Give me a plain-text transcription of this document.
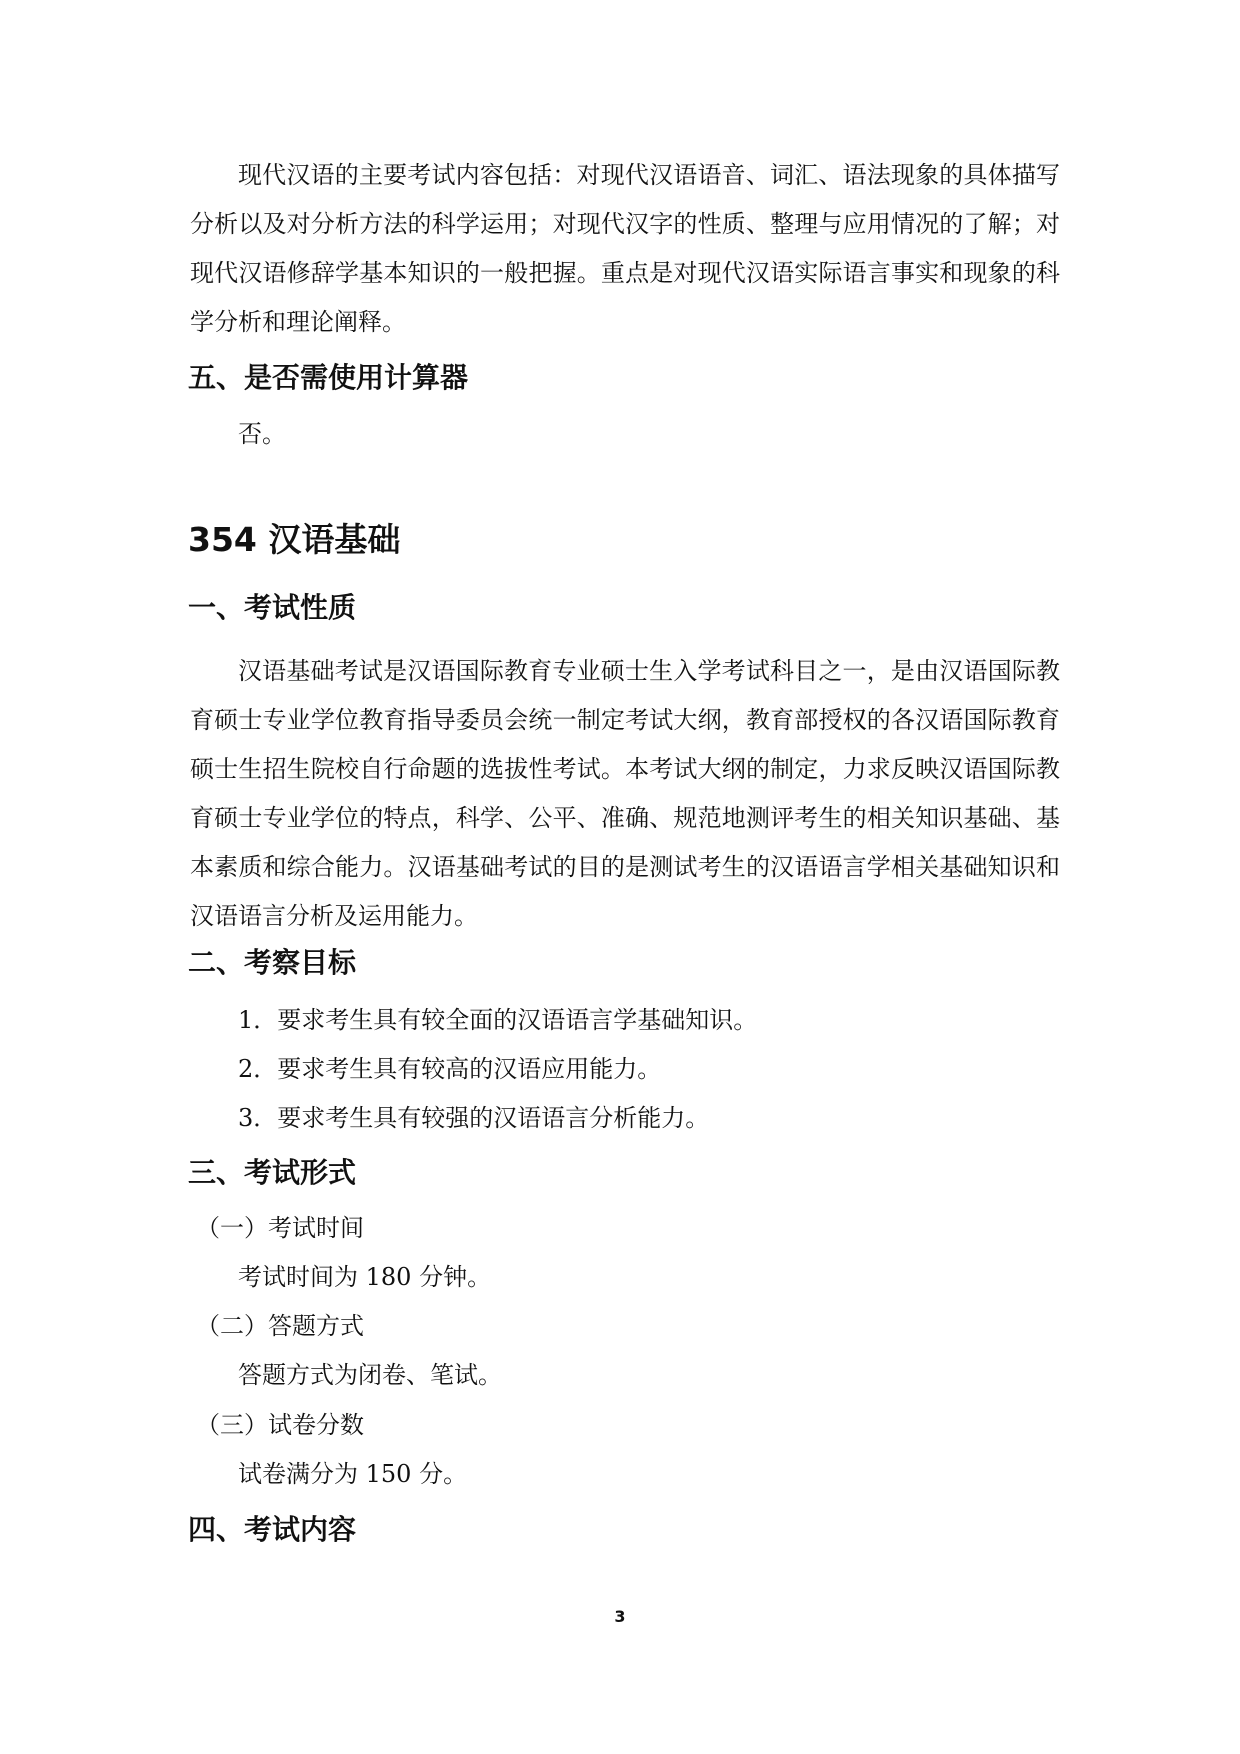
现代汉语的主要考试内容包括：对现代汉语语音、词汇、语法现象的具体描写分析以及对分析方法的科学运用；对现代汉字的性质、整理与应用情况的了解；对现代汉语修辞学基本知识的一般把握。重点是对现代汉语实际语言事实和现象的科学分析和理论阐释。

五、是否需使用计算器

否。

354 汉语基础
一、考试性质

汉语基础考试是汉语国际教育专业硕士生入学考试科目之一，是由汉语国际教育硕士专业学位教育指导委员会统一制定考试大纲，教育部授权的各汉语国际教育硕士生招生院校自行命题的选拔性考试。本考试大纲的制定，力求反映汉语国际教育硕士专业学位的特点，科学、公平、准确、规范地测评考生的相关知识基础、基本素质和综合能力。汉语基础考试的目的是测试考生的汉语语言学相关基础知识和汉语语言分析及运用能力。

二、考察目标

1．要求考生具有较全面的汉语语言学基础知识。

2．要求考生具有较高的汉语应用能力。

3．要求考生具有较强的汉语语言分析能力。

三、考试形式

（一）考试时间

考试时间为 180 分钟。

（二）答题方式

答题方式为闭卷、笔试。

（三）试卷分数

试卷满分为 150 分。

四、考试内容
3
